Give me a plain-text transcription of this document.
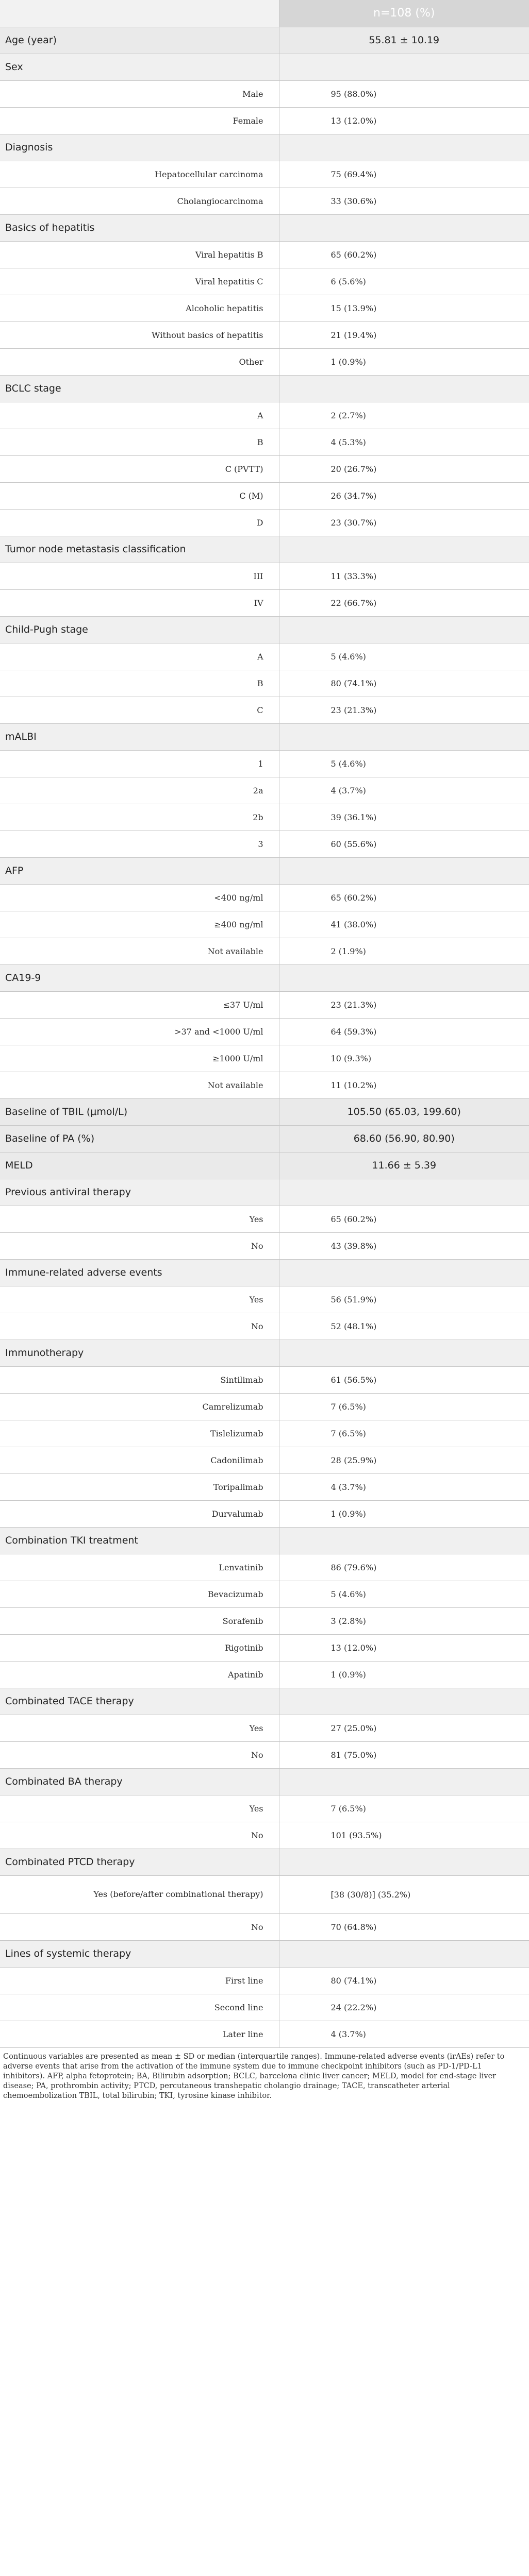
	n=108 (%)
Age (year)	55.81 ± 10.19
Sex	
Male	95 (88.0%)
Female	13 (12.0%)
Diagnosis	
Hepatocellular carcinoma	75 (69.4%)
Cholangiocarcinoma	33 (30.6%)
Basics of hepatitis	
Viral hepatitis B	65 (60.2%)
Viral hepatitis C	6 (5.6%)
Alcoholic hepatitis	15 (13.9%)
Without basics of hepatitis	21 (19.4%)
Other	1 (0.9%)
BCLC stage	
A	2 (2.7%)
B	4 (5.3%)
C (PVTT)	20 (26.7%)
C (M)	26 (34.7%)
D	23 (30.7%)
Tumor node metastasis classification	
III	11 (33.3%)
IV	22 (66.7%)
Child-Pugh stage	
A	5 (4.6%)
B	80 (74.1%)
C	23 (21.3%)
mALBI	
1	5 (4.6%)
2a	4 (3.7%)
2b	39 (36.1%)
3	60 (55.6%)
AFP	
<400 ng/ml	65 (60.2%)
≥400 ng/ml	41 (38.0%)
Not available	2 (1.9%)
CA19-9	
≤37 U/ml	23 (21.3%)
>37 and <1000 U/ml	64 (59.3%)
≥1000 U/ml	10 (9.3%)
Not available	11 (10.2%)
Baseline of TBIL (μmol/L)	105.50 (65.03, 199.60)
Baseline of PA (%)	68.60 (56.90, 80.90)
MELD	11.66 ± 5.39
Previous antiviral therapy	
Yes	65 (60.2%)
No	43 (39.8%)
Immune-related adverse events	
Yes	56 (51.9%)
No	52 (48.1%)
Immunotherapy	
Sintilimab	61 (56.5%)
Camrelizumab	7 (6.5%)
Tislelizumab	7 (6.5%)
Cadonilimab	28 (25.9%)
Toripalimab	4 (3.7%)
Durvalumab	1 (0.9%)
Combination TKI treatment	
Lenvatinib	86 (79.6%)
Bevacizumab	5 (4.6%)
Sorafenib	3 (2.8%)
Rigotinib	13 (12.0%)
Apatinib	1 (0.9%)
Combinated TACE therapy	
Yes	27 (25.0%)
No	81 (75.0%)
Combinated BA therapy	
Yes	7 (6.5%)
No	101 (93.5%)
Combinated PTCD therapy	
Yes (before/after combinational therapy)	[38 (30/8)] (35.2%)
No	70 (64.8%)
Lines of systemic therapy	
First line	80 (74.1%)
Second line	24 (22.2%)
Later line	4 (3.7%)
Continuous variables are presented as mean ± SD or median (interquartile ranges). Immune-related adverse events (irAEs) refer to adverse events that arise from the activation of the immune system due to immune checkpoint inhibitors (such as PD-1/PD-L1 inhibitors). AFP, alpha fetoprotein; BA, Bilirubin adsorption; BCLC, barcelona clinic liver cancer; MELD, model for end-stage liver disease; PA, prothrombin activity; PTCD, percutaneous transhepatic cholangio drainage; TACE, transcatheter arterial chemoembolization TBIL, total bilirubin; TKI, tyrosine kinase inhibitor.
